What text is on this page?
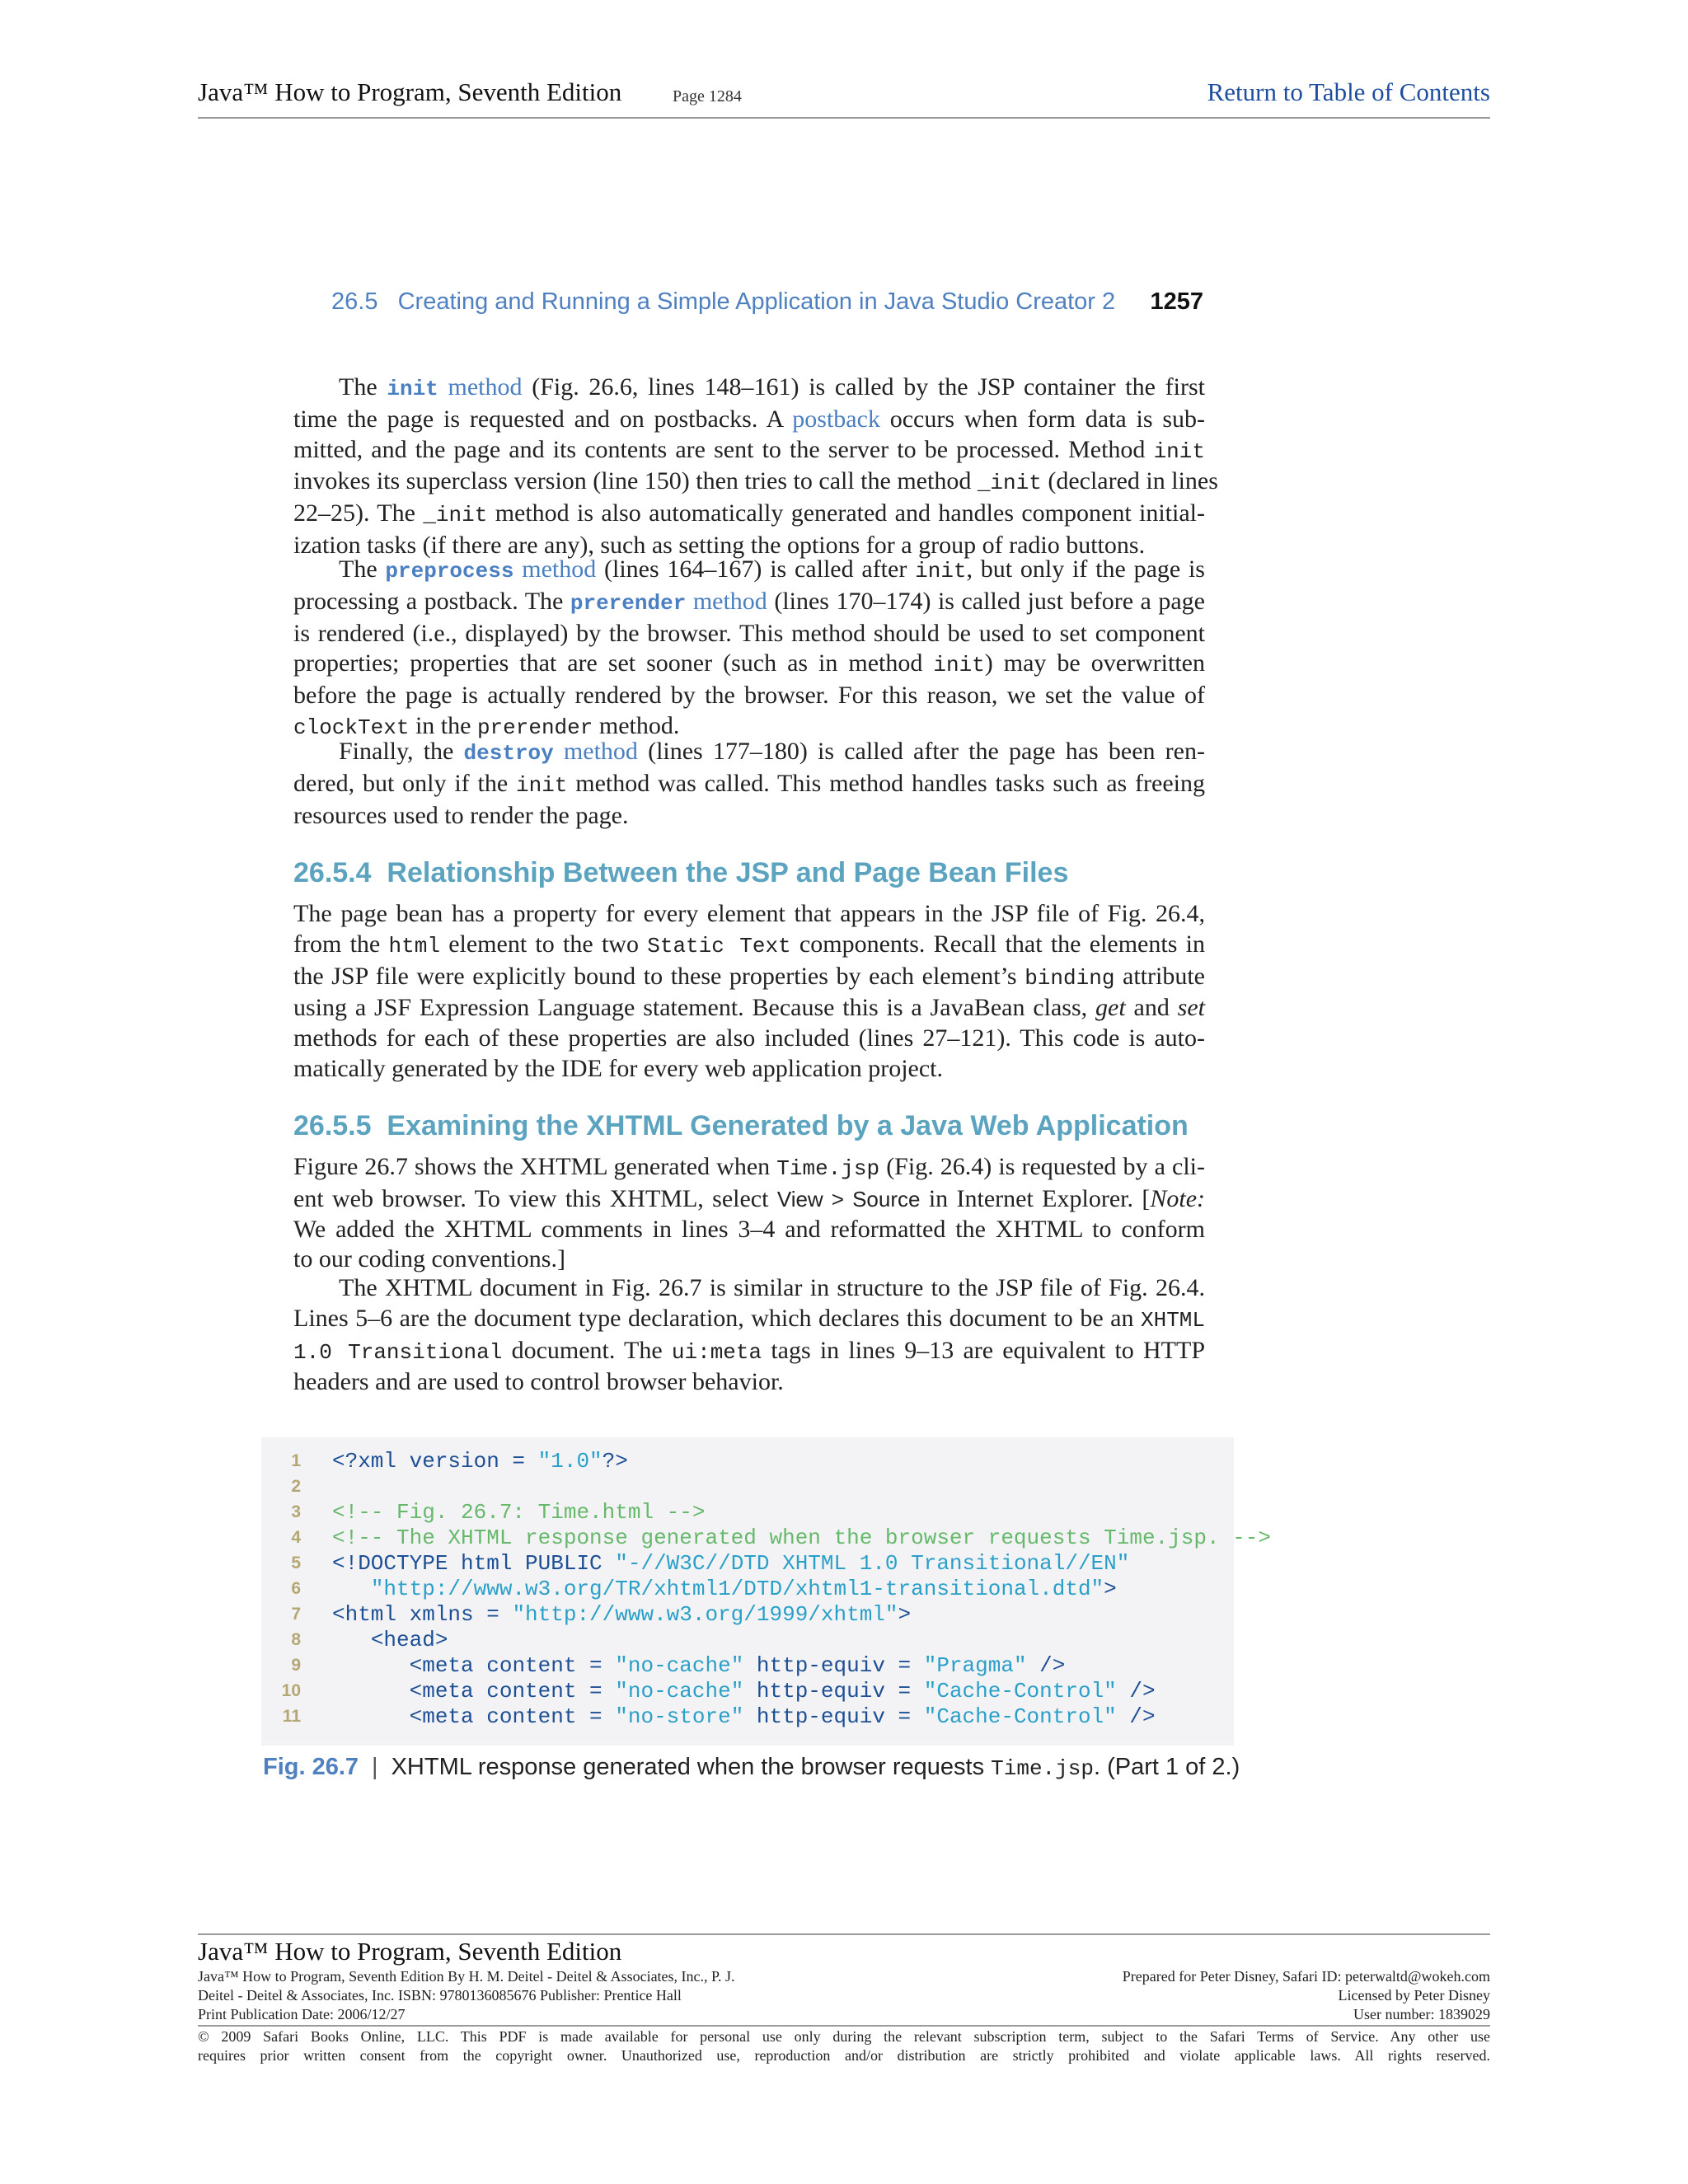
Java™ How to Program, Seventh Edition	Page 1284	Return to Table of Contents
26.5   Creating and Running a Simple Application in Java Studio Creator 2 1257
The init method (Fig. 26.6, lines 148–161) is called by the JSP container the first
time the page is requested and on postbacks. A postback occurs when form data is sub-
mitted, and the page and its contents are sent to the server to be processed. Method init
invokes its superclass version (line 150) then tries to call the method _init (declared in lines
22–25). The _init method is also automatically generated and handles component initial-
ization tasks (if there are any), such as setting the options for a group of radio buttons.
The preprocess method (lines 164–167) is called after init, but only if the page is
processing a postback. The prerender method (lines 170–174) is called just before a page
is rendered (i.e., displayed) by the browser. This method should be used to set component
properties; properties that are set sooner (such as in method init) may be overwritten
before the page is actually rendered by the browser. For this reason, we set the value of
clockText in the prerender method.
Finally, the destroy method (lines 177–180) is called after the page has been ren-
dered, but only if the init method was called. This method handles tasks such as freeing
resources used to render the page.
26.5.4  Relationship Between the JSP and Page Bean Files
The page bean has a property for every element that appears in the JSP file of Fig. 26.4,
from the html element to the two Static Text components. Recall that the elements in
the JSP file were explicitly bound to these properties by each element’s binding attribute
using a JSF Expression Language statement. Because this is a JavaBean class, get and set
methods for each of these properties are also included (lines 27–121). This code is auto-
matically generated by the IDE for every web application project.
26.5.5  Examining the XHTML Generated by a Java Web Application
Figure 26.7 shows the XHTML generated when Time.jsp (Fig. 26.4) is requested by a cli-
ent web browser. To view this XHTML, select View > Source in Internet Explorer. [Note:
We added the XHTML comments in lines 3–4 and reformatted the XHTML to conform
to our coding conventions.]
The XHTML document in Fig. 26.7 is similar in structure to the JSP file of Fig. 26.4.
Lines 5–6 are the document type declaration, which declares this document to be an XHTML
1.0 Transitional document. The ui:meta tags in lines 9–13 are equivalent to HTTP
headers and are used to control browser behavior.

1

<?xml version = "1.0"?>

2

3

<!-- Fig. 26.7: Time.html -->

4

<!-- The XHTML response generated when the browser requests Time.jsp. -->

5

<!DOCTYPE html PUBLIC "-//W3C//DTD XHTML 1.0 Transitional//EN"

6

	"http://www.w3.org/TR/xhtml1/DTD/xhtml1-transitional.dtd">

7

<html xmlns = "http://www.w3.org/1999/xhtml">

8

	<head>

9

	<meta content = "no-cache" http-equiv = "Pragma" />

10

	<meta content = "no-cache" http-equiv = "Cache-Control" />

11

	<meta content = "no-store" http-equiv = "Cache-Control" />

Fig. 26.7 | XHTML response generated when the browser requests Time.jsp. (Part 1 of 2.)
Java™ How to Program, Seventh Edition
Java™ How to Program, Seventh Edition By H. M. Deitel - Deitel & Associates, Inc., P. J.
Deitel - Deitel & Associates, Inc. ISBN: 9780136085676 Publisher: Prentice Hall
Print Publication Date: 2006/12/27
Prepared for Peter Disney, Safari ID: peterwaltd@wokeh.com
Licensed by Peter Disney
User number: 1839029
© 2009 Safari Books Online, LLC. This PDF is made available for personal use only during the relevant subscription term, subject to the Safari Terms of Service. Any other use
requires prior written consent from the copyright owner. Unauthorized use, reproduction and/or distribution are strictly prohibited and violate applicable laws. All rights reserved.
